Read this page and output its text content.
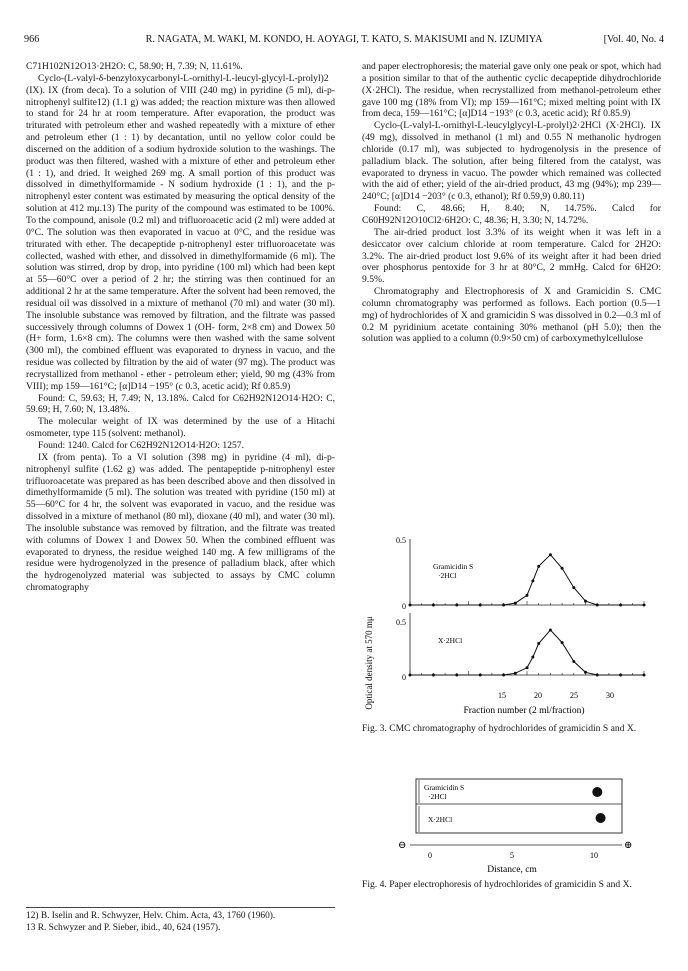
966	R. NAGATA, M. WAKI, M. KONDO, H. AOYAGI, T. KATO, S. MAKISUMI and N. IZUMIYA	[Vol. 40, No. 4

C71H102N12O13·2H2O: C, 58.90; H, 7.39; N, 11.61%.

Cyclo-(L-valyl-δ-benzyloxycarbonyl-L-ornithyl-L-leucyl-glycyl-L-prolyl)2 (IX). IX (from deca). To a solution of VIII (240 mg) in pyridine (5 ml), di-p-nitrophenyl sulfite12) (1.1 g) was added; the reaction mixture was then allowed to stand for 24 hr at room temperature. After evaporation, the product was triturated with petroleum ether and washed repeatedly with a mixture of ether and petroleum ether (1 : 1) by decantation, until no yellow color could be discerned on the addition of a sodium hydroxide solution to the washings. The product was then filtered, washed with a mixture of ether and petroleum ether (1 : 1), and dried. It weighed 269 mg. A small portion of this product was dissolved in dimethylformamide - N sodium hydroxide (1 : 1), and the p-nitrophenyl ester content was estimated by measuring the optical density of the solution at 412 mμ.13) The purity of the compound was estimated to be 100%. To the compound, anisole (0.2 ml) and trifluoroacetic acid (2 ml) were added at 0°C. The solution was then evaporated in vacuo at 0°C, and the residue was triturated with ether. The decapeptide p-nitrophenyl ester trifluoroacetate was collected, washed with ether, and dissolved in dimethylformamide (6 ml). The solution was stirred, drop by drop, into pyridine (100 ml) which had been kept at 55—60°C over a period of 2 hr; the stirring was then continued for an additional 2 hr at the same temperature. After the solvent had been removed, the residual oil was dissolved in a mixture of methanol (70 ml) and water (30 ml). The insoluble substance was removed by filtration, and the filtrate was passed successively through columns of Dowex 1 (OH- form, 2×8 cm) and Dowex 50 (H+ form, 1.6×8 cm). The columns were then washed with the same solvent (300 ml), the combined effluent was evaporated to dryness in vacuo, and the residue was collected by filtration by the aid of water (97 mg). The product was recrystallized from methanol - ether - petroleum ether; yield, 90 mg (43% from VIII); mp 159—161°C; [α]D14 −195° (c 0.3, acetic acid); Rf 0.85.9)

Found: C, 59.63; H, 7.49; N, 13.18%. Calcd for C62H92N12O14·H2O: C, 59.69; H, 7.60; N, 13.48%.

The molecular weight of IX was determined by the use of a Hitachi osmometer, type 115 (solvent: methanol).

Found: 1240. Calcd for C62H92N12O14·H2O: 1257.

IX (from penta). To a VI solution (398 mg) in pyridine (4 ml), di-p-nitrophenyl sulfite (1.62 g) was added. The pentapeptide p-nitrophenyl ester trifluoroacetate was prepared as has been described above and then dissolved in dimethylformamide (5 ml). The solution was treated with pyridine (150 ml) at 55—60°C for 4 hr, the solvent was evaporated in vacuo, and the residue was dissolved in a mixture of methanol (80 ml), dioxane (40 ml), and water (30 ml). The insoluble substance was removed by filtration, and the filtrate was treated with columns of Dowex 1 and Dowex 50. When the combined effluent was evaporated to dryness, the residue weighed 140 mg. A few milligrams of the residue were hydrogenolyzed in the presence of palladium black, after which the hydrogenolyzed material was subjected to assays by CMC column chromatography

12) B. Iselin and R. Schwyzer, Helv. Chim. Acta, 43, 1760 (1960).
13 R. Schwyzer and P. Sieber, ibid., 40, 624 (1957).

and paper electrophoresis; the material gave only one peak or spot, which had a position similar to that of the authentic cyclic decapeptide dihydrochloride (X·2HCl). The residue, when recrystallized from methanol-petroleum ether gave 100 mg (18% from VI); mp 159—161°C; mixed melting point with IX from deca, 159—161°C; [α]D14 −193° (c 0.3, acetic acid); Rf 0.85.9)

Cyclo-(L-valyl-L-ornithyl-L-leucylglycyl-L-prolyl)2·2HCl (X·2HCl). IX (49 mg), dissolved in methanol (1 ml) and 0.55 N methanolic hydrogen chloride (0.17 ml), was subjected to hydrogenolysis in the presence of palladium black. The solution, after being filtered from the catalyst, was evaporated to dryness in vacuo. The powder which remained was collected with the aid of ether; yield of the air-dried product, 43 mg (94%); mp 239—240°C; [α]D14 −203° (c 0.3, ethanol); Rf 0.59,9) 0.80.11)

Found: C, 48.66; H, 8.40; N, 14.75%. Calcd for C60H92N12O10Cl2·6H2O: C, 48.36; H, 3.30; N, 14.72%.

The air-dried product lost 3.3% of its weight when it was left in a desiccator over calcium chloride at room temperature. Calcd for 2H2O: 3.2%. The air-dried product lost 9.6% of its weight after it had been dried over phosphorus pentoxide for 3 hr at 80°C, 2 mmHg. Calcd for 6H2O: 9.5%.

Chromatography and Electrophoresis of X and Gramicidin S. CMC column chromatography was performed as follows. Each portion (0.5—1 mg) of hydrochlorides of X and gramicidin S was dissolved in 0.2—0.3 ml of 0.2 M pyridinium acetate containing 30% methanol (pH 5.0); then the solution was applied to a column (0.9×50 cm) of carboxymethylcellulose

Optical density at 570 mμ
0.5
0
0.5
0
Gramicidin S
·2HCl
X·2HCl
15	20	25	30
Fraction number (2 ml/fraction)
Fig. 3. CMC chromatography of hydrochlorides of gramicidin S and X.
Gramicidin S
·2HCl
X·2HCl
⊖	⊕
0	5	10
Distance, cm
Fig. 4. Paper electrophoresis of hydrochlorides of gramicidin S and X.
